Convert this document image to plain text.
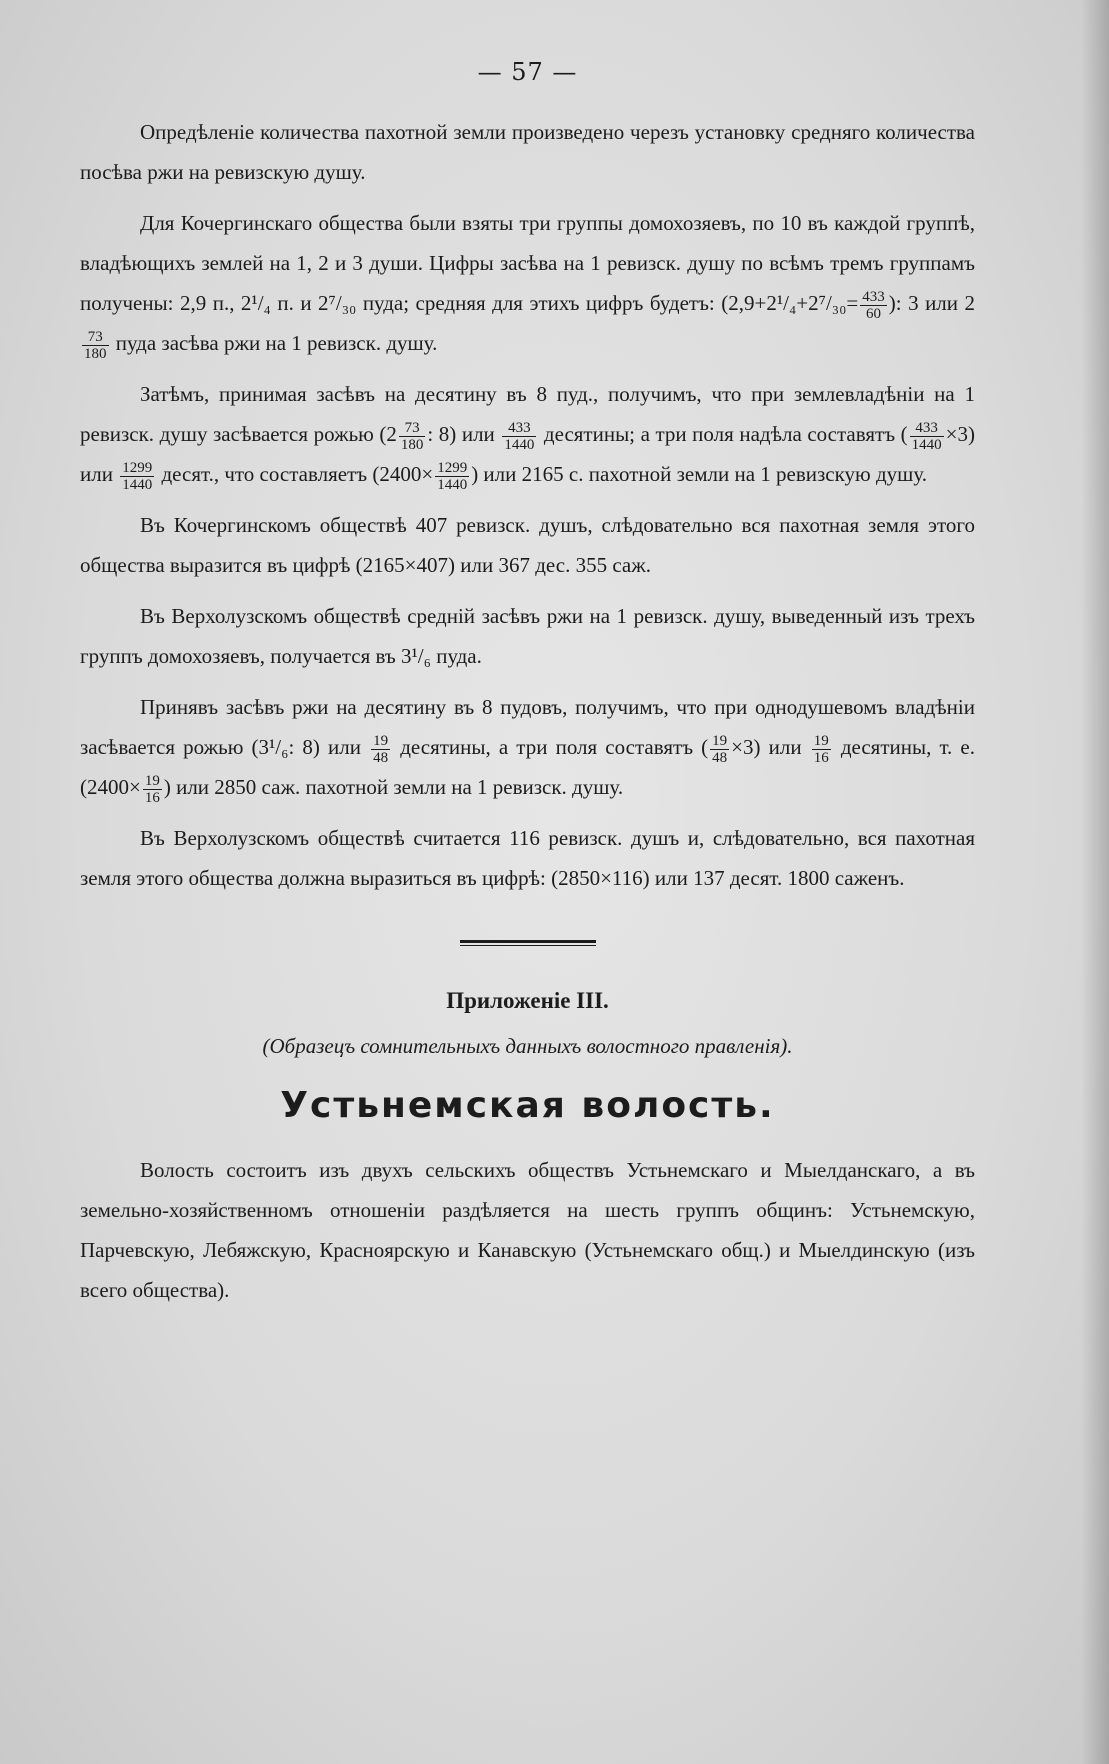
— 57 —

Опредѣленіе количества пахотной земли произведено черезъ установку средняго количества посѣва ржи на ревизскую душу.

Для Кочергинскаго общества были взяты три группы домохозяевъ, по 10 въ каждой группѣ, владѣющихъ землей на 1, 2 и 3 души. Цифры засѣва на 1 ревизск. душу по всѣмъ тремъ группамъ получены: 2,9 п., 2¹/₄ п. и 2⁷/₃₀ пуда; средняя для этихъ цифръ будетъ: ($2,9+2^1/_4+2^7/_{30}= \frac{433}{60}$ ): 3 или 2
$\frac{73}{180}$ пуда засѣва ржи на 1 ревизск. душу.

Затѣмъ, принимая засѣвъ на десятину въ 8 пуд., получимъ, что при землевладѣніи на 1 ревизск. душу засѣвается рожью ($2 \frac{73}{180}$ : 8) или $\frac{433}{1440}$ десятины; а три поля надѣла составятъ ( $\frac{433}{1440} \times 3$) или $\frac{1299}{1440}$ десят., что составляетъ ($2400\times \frac{1299}{1440}$ ) или 2165 с. пахотной земли на 1 ревизскую душу.

Въ Кочергинскомъ обществѣ 407 ревизск. душъ, слѣдовательно вся пахотная земля этого общества выразится въ цифрѣ (2165×407) или 367 дес. 355 саж.

Въ Верхолузскомъ обществѣ средній засѣвъ ржи на 1 ревизск. душу, выведенный изъ трехъ группъ домохозяевъ, получается въ 3¹/₆ пуда.

Принявъ засѣвъ ржи на десятину въ 8 пудовъ, получимъ, что при однодушевомъ владѣніи засѣвается рожью (3¹/₆: 8) или $\frac{19}{48}$ десятины, а три поля составятъ ( $\frac{19}{48} \times 3$) или $\frac{19}{16}$ десятины, т. е. ($2400\times \frac{19}{16}$ ) или 2850 саж. пахотной земли на 1 ревизск. душу.

Въ Верхолузскомъ обществѣ считается 116 ревизск. душъ и, слѣдовательно, вся пахотная земля этого общества должна выразиться въ цифрѣ: (2850×116) или 137 десят. 1800 саженъ.

Приложеніе III.
(Образецъ сомнительныхъ данныхъ волостного правленія).
Устьнемская волость.

Волость состоитъ изъ двухъ сельскихъ обществъ Устьнемскаго и Мыелданскаго, а въ земельно-хозяйственномъ отношеніи раздѣляется на шесть группъ общинъ: Устьнемскую, Парчевскую, Лебяжскую, Краснoярскую и Канавскую (Устьнемскаго общ.) и Мыелдинскую (изъ всего общества).
